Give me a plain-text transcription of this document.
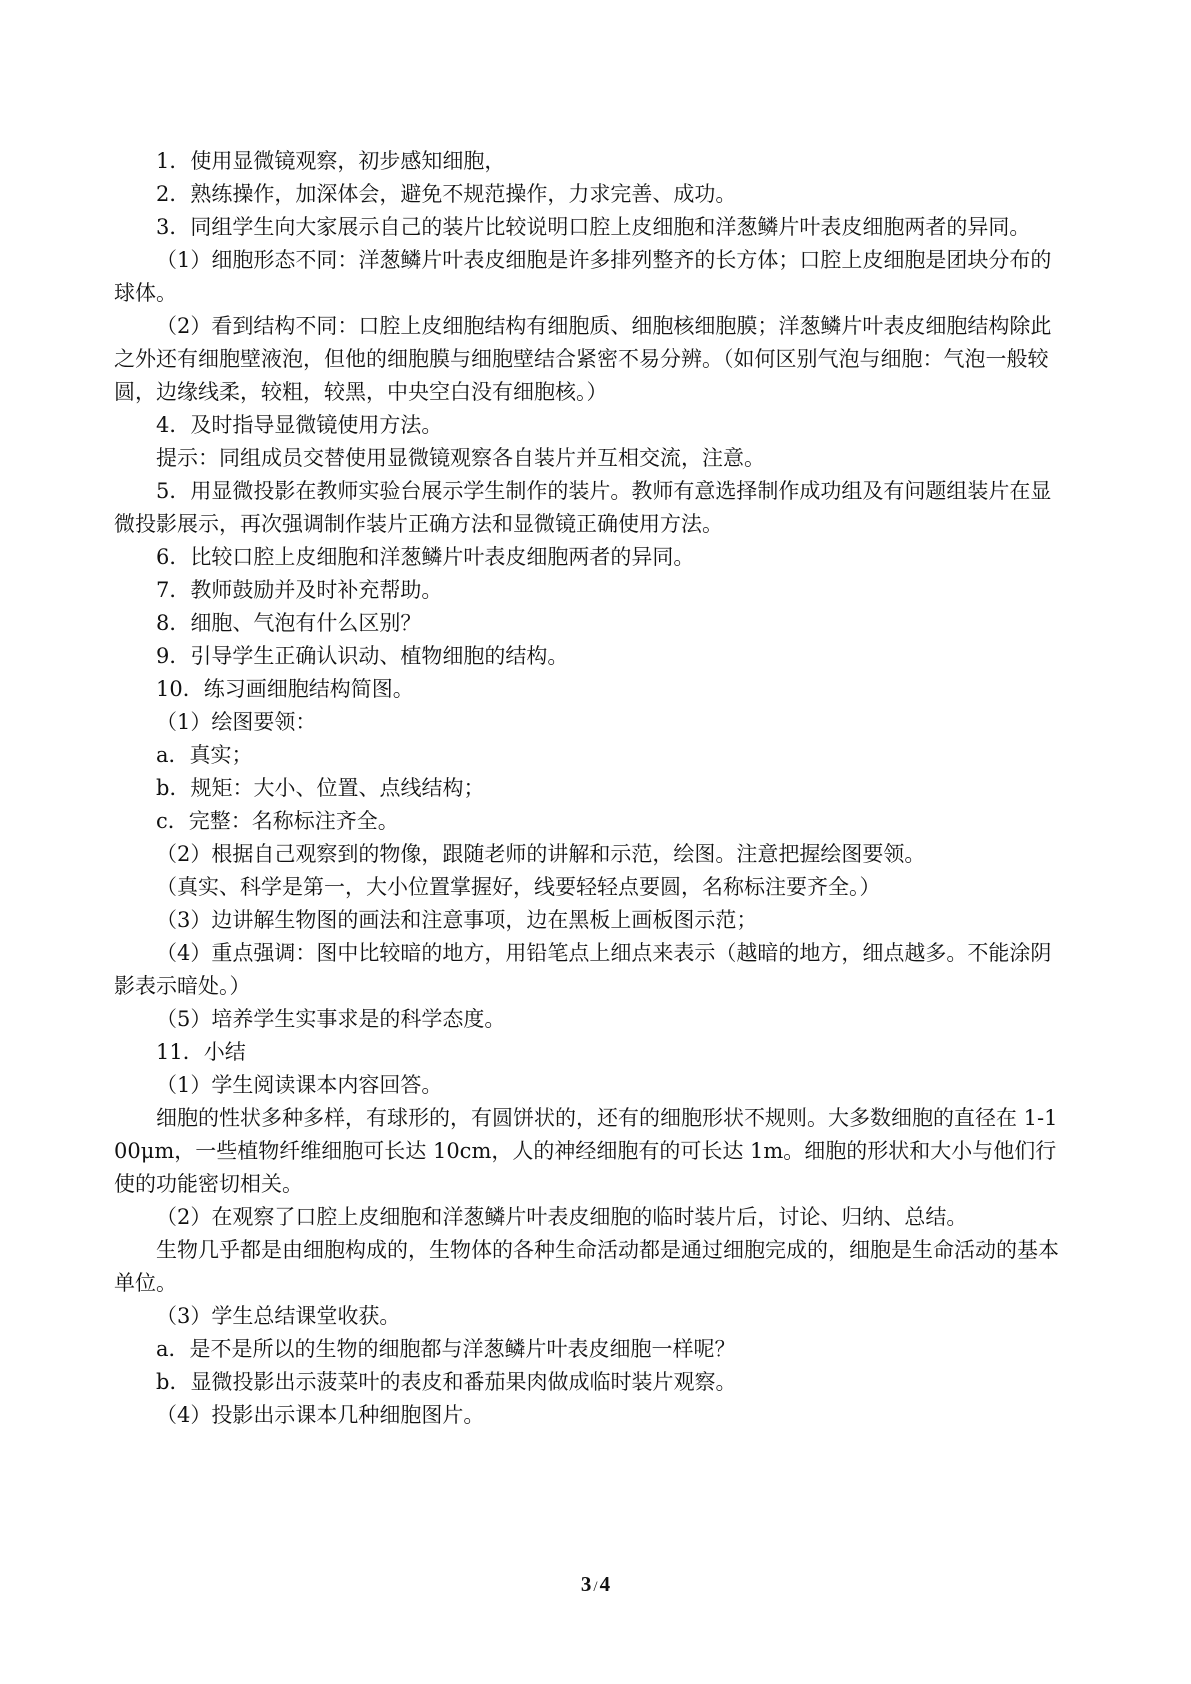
1．使用显微镜观察，初步感知细胞，

2．熟练操作，加深体会，避免不规范操作，力求完善、成功。

3．同组学生向大家展示自己的装片比较说明口腔上皮细胞和洋葱鳞片叶表皮细胞两者的异同。

（1）细胞形态不同：洋葱鳞片叶表皮细胞是许多排列整齐的长方体；口腔上皮细胞是团块分布的球体。

（2）看到结构不同：口腔上皮细胞结构有细胞质、细胞核细胞膜；洋葱鳞片叶表皮细胞结构除此之外还有细胞壁液泡，但他的细胞膜与细胞壁结合紧密不易分辨。（如何区别气泡与细胞：气泡一般较圆，边缘线柔，较粗，较黑，中央空白没有细胞核。）

4．及时指导显微镜使用方法。

提示：同组成员交替使用显微镜观察各自装片并互相交流，注意。

5．用显微投影在教师实验台展示学生制作的装片。教师有意选择制作成功组及有问题组装片在显微投影展示，再次强调制作装片正确方法和显微镜正确使用方法。

6．比较口腔上皮细胞和洋葱鳞片叶表皮细胞两者的异同。

7．教师鼓励并及时补充帮助。

8．细胞、气泡有什么区别？

9．引导学生正确认识动、植物细胞的结构。

10．练习画细胞结构简图。

（1）绘图要领：

a．真实；

b．规矩：大小、位置、点线结构；

c．完整：名称标注齐全。

（2）根据自己观察到的物像，跟随老师的讲解和示范，绘图。注意把握绘图要领。

（真实、科学是第一，大小位置掌握好，线要轻轻点要圆，名称标注要齐全。）

（3）边讲解生物图的画法和注意事项，边在黑板上画板图示范；

（4）重点强调：图中比较暗的地方，用铅笔点上细点来表示（越暗的地方，细点越多。不能涂阴影表示暗处。）

（5）培养学生实事求是的科学态度。

11．小结

（1）学生阅读课本内容回答。

细胞的性状多种多样，有球形的，有圆饼状的，还有的细胞形状不规则。大多数细胞的直径在 1-100μm，一些植物纤维细胞可长达 10cm，人的神经细胞有的可长达 1m。细胞的形状和大小与他们行使的功能密切相关。

（2）在观察了口腔上皮细胞和洋葱鳞片叶表皮细胞的临时装片后，讨论、归纳、总结。

生物几乎都是由细胞构成的，生物体的各种生命活动都是通过细胞完成的，细胞是生命活动的基本单位。

（3）学生总结课堂收获。

a．是不是所以的生物的细胞都与洋葱鳞片叶表皮细胞一样呢？

b．显微投影出示菠菜叶的表皮和番茄果肉做成临时装片观察。

（4）投影出示课本几种细胞图片。

3 /4
